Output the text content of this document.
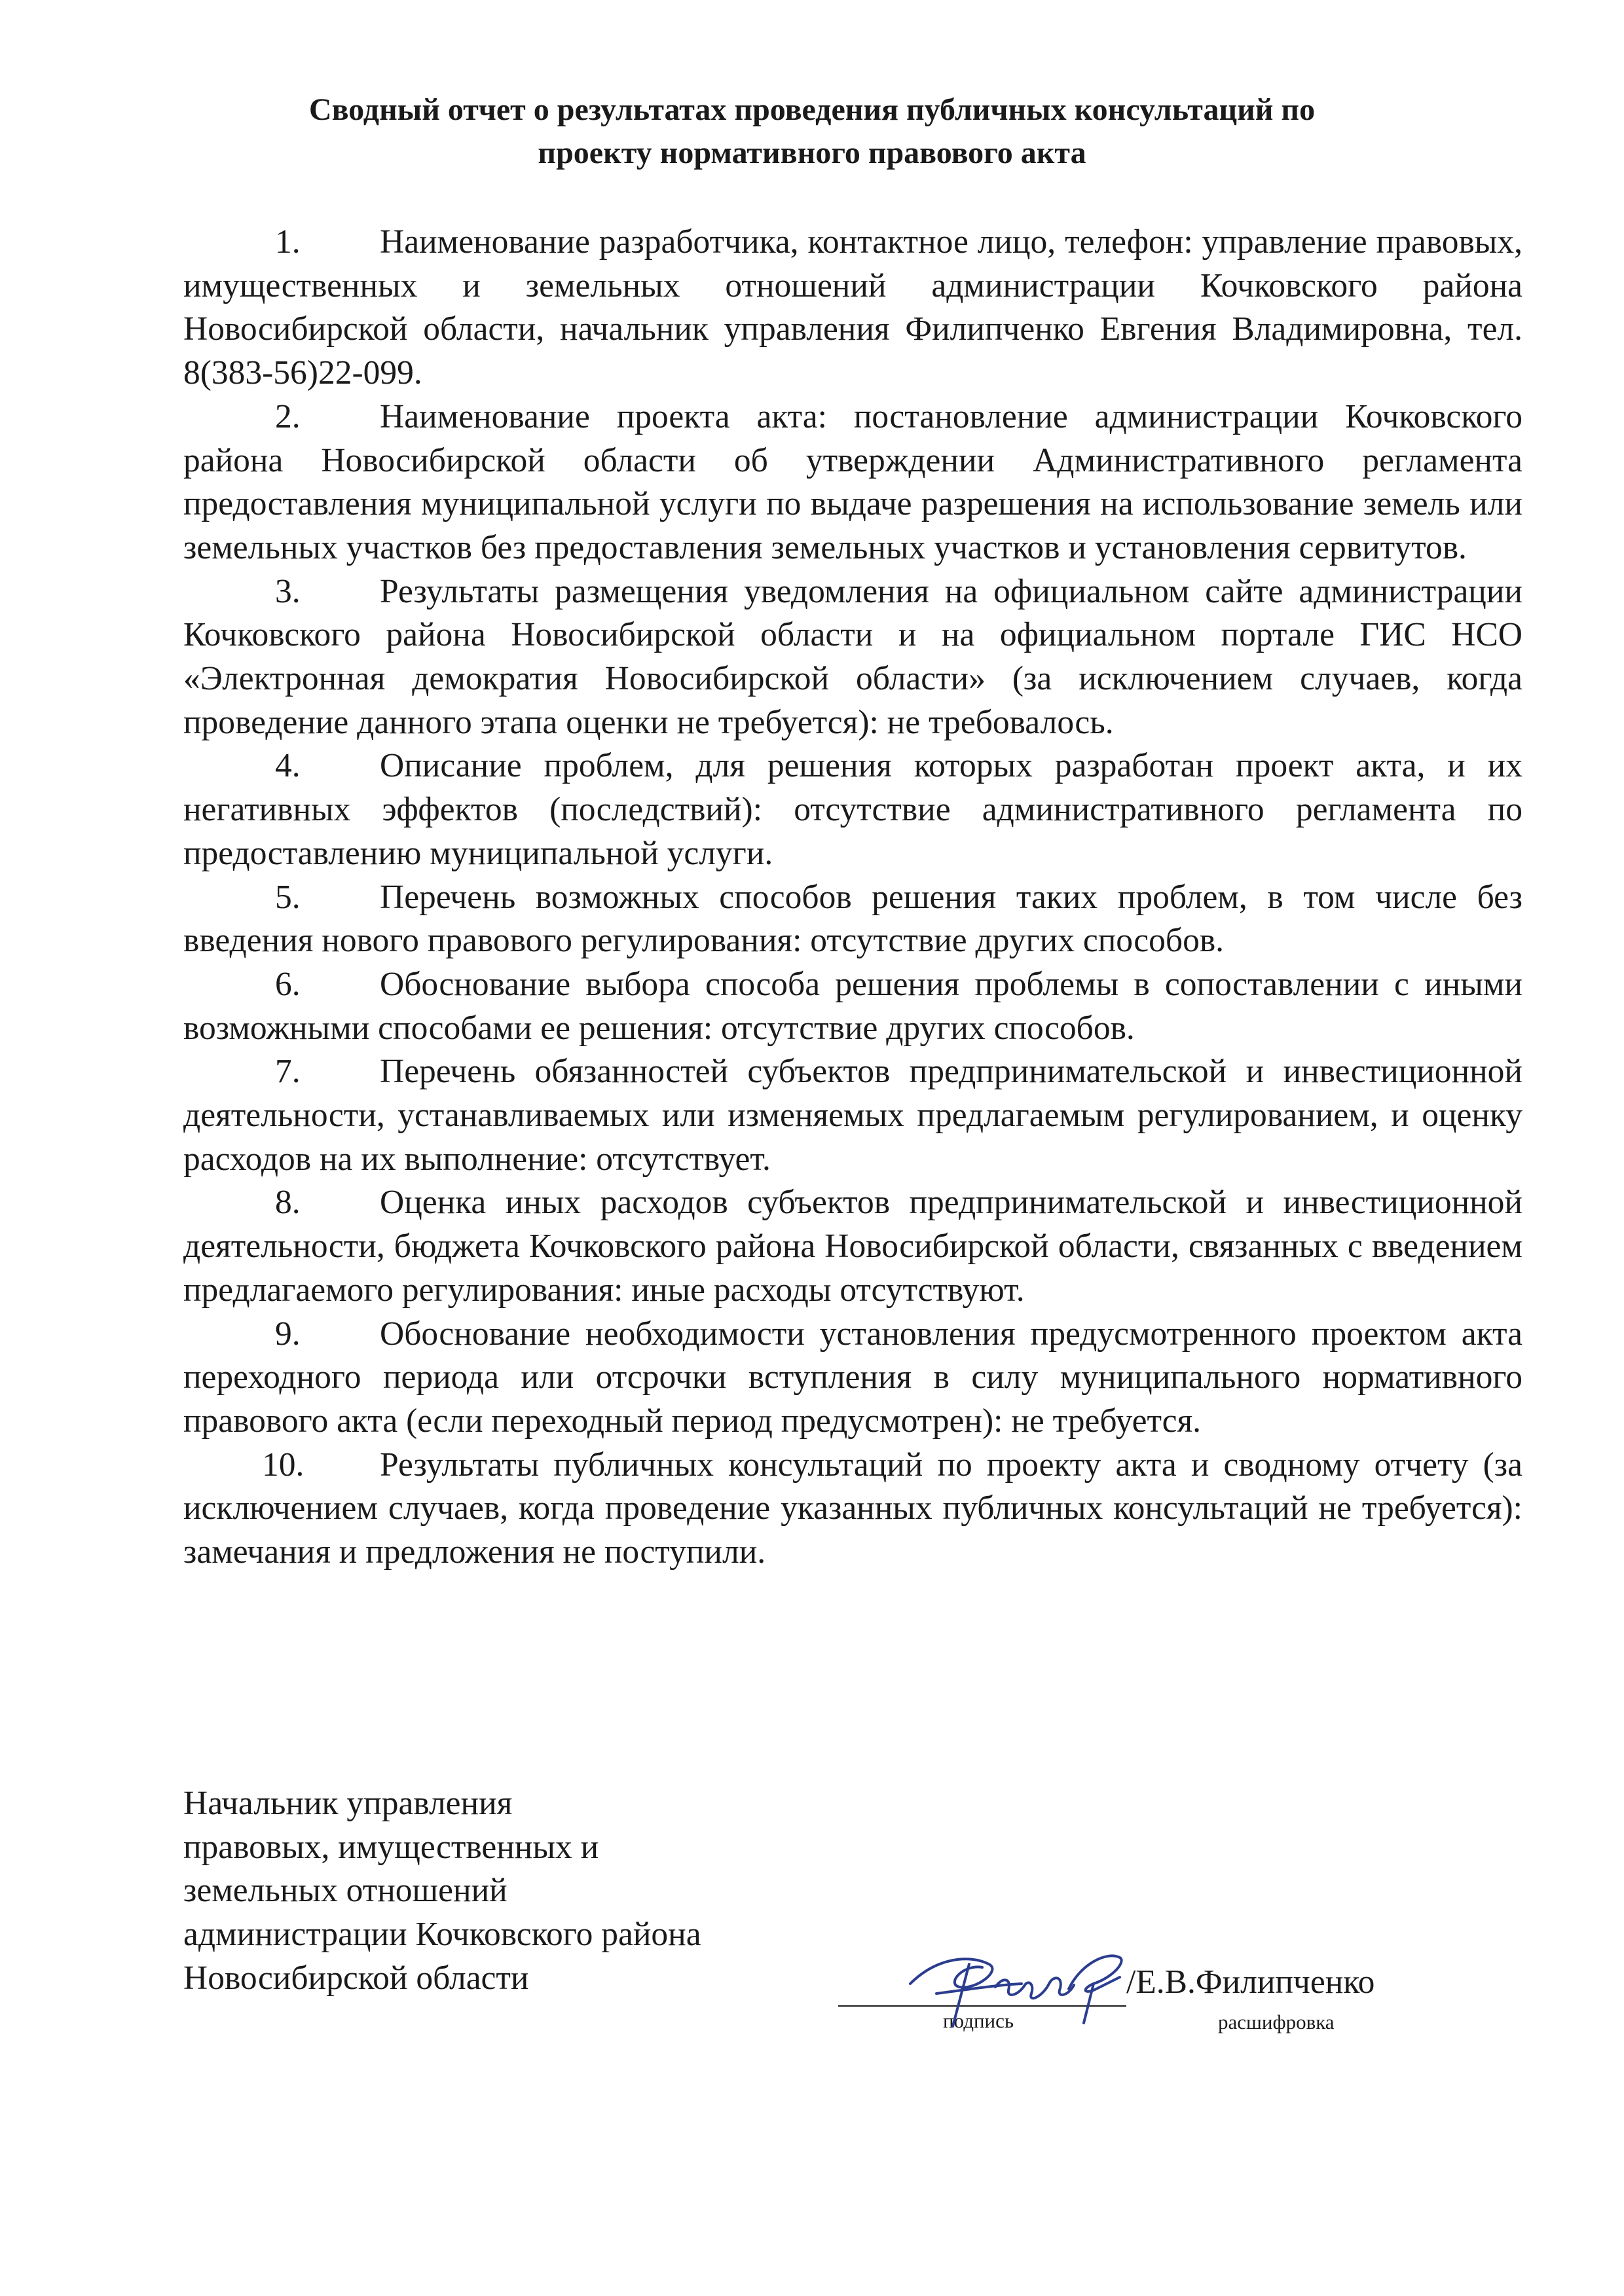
Сводный отчет о результатах проведения публичных консультаций по
проекту нормативного правового акта

1. Наименование разработчика, контактное лицо, телефон: управление правовых, имущественных и земельных отношений администрации Кочковского района Новосибирской области, начальник управления Филипченко Евгения Владимировна, тел. 8(383-56)22-099.

2. Наименование проекта акта: постановление администрации Кочковского района Новосибирской области об утверждении Административного регламента предоставления муниципальной услуги по выдаче разрешения на использование земель или земельных участков без предоставления земельных участков и установления сервитутов.

3. Результаты размещения уведомления на официальном сайте администрации Кочковского района Новосибирской области и на официальном портале ГИС НСО «Электронная демократия Новосибирской области» (за исключением случаев, когда проведение данного этапа оценки не требуется): не требовалось.

4. Описание проблем, для решения которых разработан проект акта, и их негативных эффектов (последствий): отсутствие административного регламента по предоставлению муниципальной услуги.

5. Перечень возможных способов решения таких проблем, в том числе без введения нового правового регулирования: отсутствие других способов.

6. Обоснование выбора способа решения проблемы в сопоставлении с иными возможными способами ее решения: отсутствие других способов.

7. Перечень обязанностей субъектов предпринимательской и инвестиционной деятельности, устанавливаемых или изменяемых предлагаемым регулированием, и оценку расходов на их выполнение: отсутствует.

8. Оценка иных расходов субъектов предпринимательской и инвестиционной деятельности, бюджета Кочковского района Новосибирской области, связанных с введением предлагаемого регулирования: иные расходы отсутствуют.

9. Обоснование необходимости установления предусмотренного проектом акта переходного периода или отсрочки вступления в силу муниципального нормативного правового акта (если переходный период предусмотрен): не требуется.

10. Результаты публичных консультаций по проекту акта и сводному отчету (за исключением случаев, когда проведение указанных публичных консультаций не требуется): замечания и предложения не поступили.

Начальник управления
правовых, имущественных и
земельных отношений
администрации Кочковского района
Новосибирской области	/Е.В.Филипченко
подпись	расшифровка
